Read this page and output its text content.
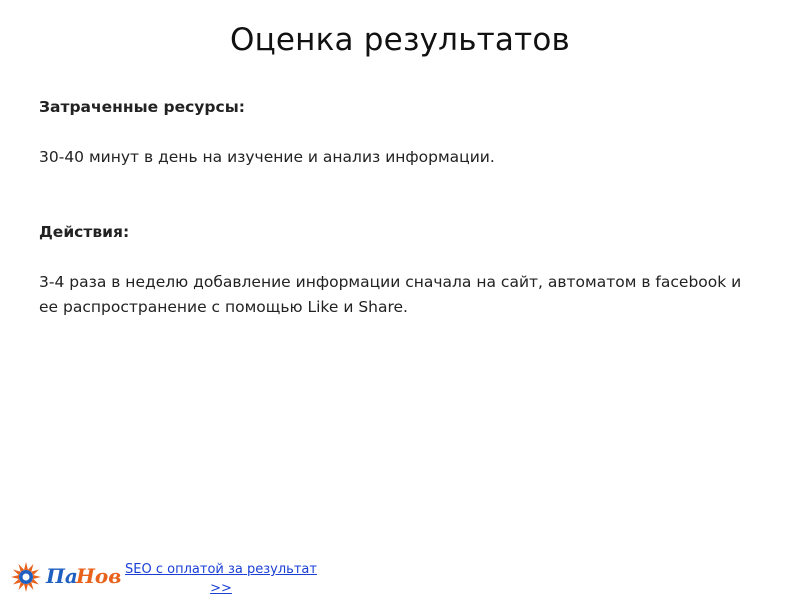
Оценка результатов

Затраченные ресурсы:

30-40 минут в день на изучение и анализ информации.

Действия:

3-4 раза в неделю добавление информации сначала на сайт, автоматом в facebook и ее распространение с помощью Like и Share.

Па
Нов SEO с оплатой за результат
>>
